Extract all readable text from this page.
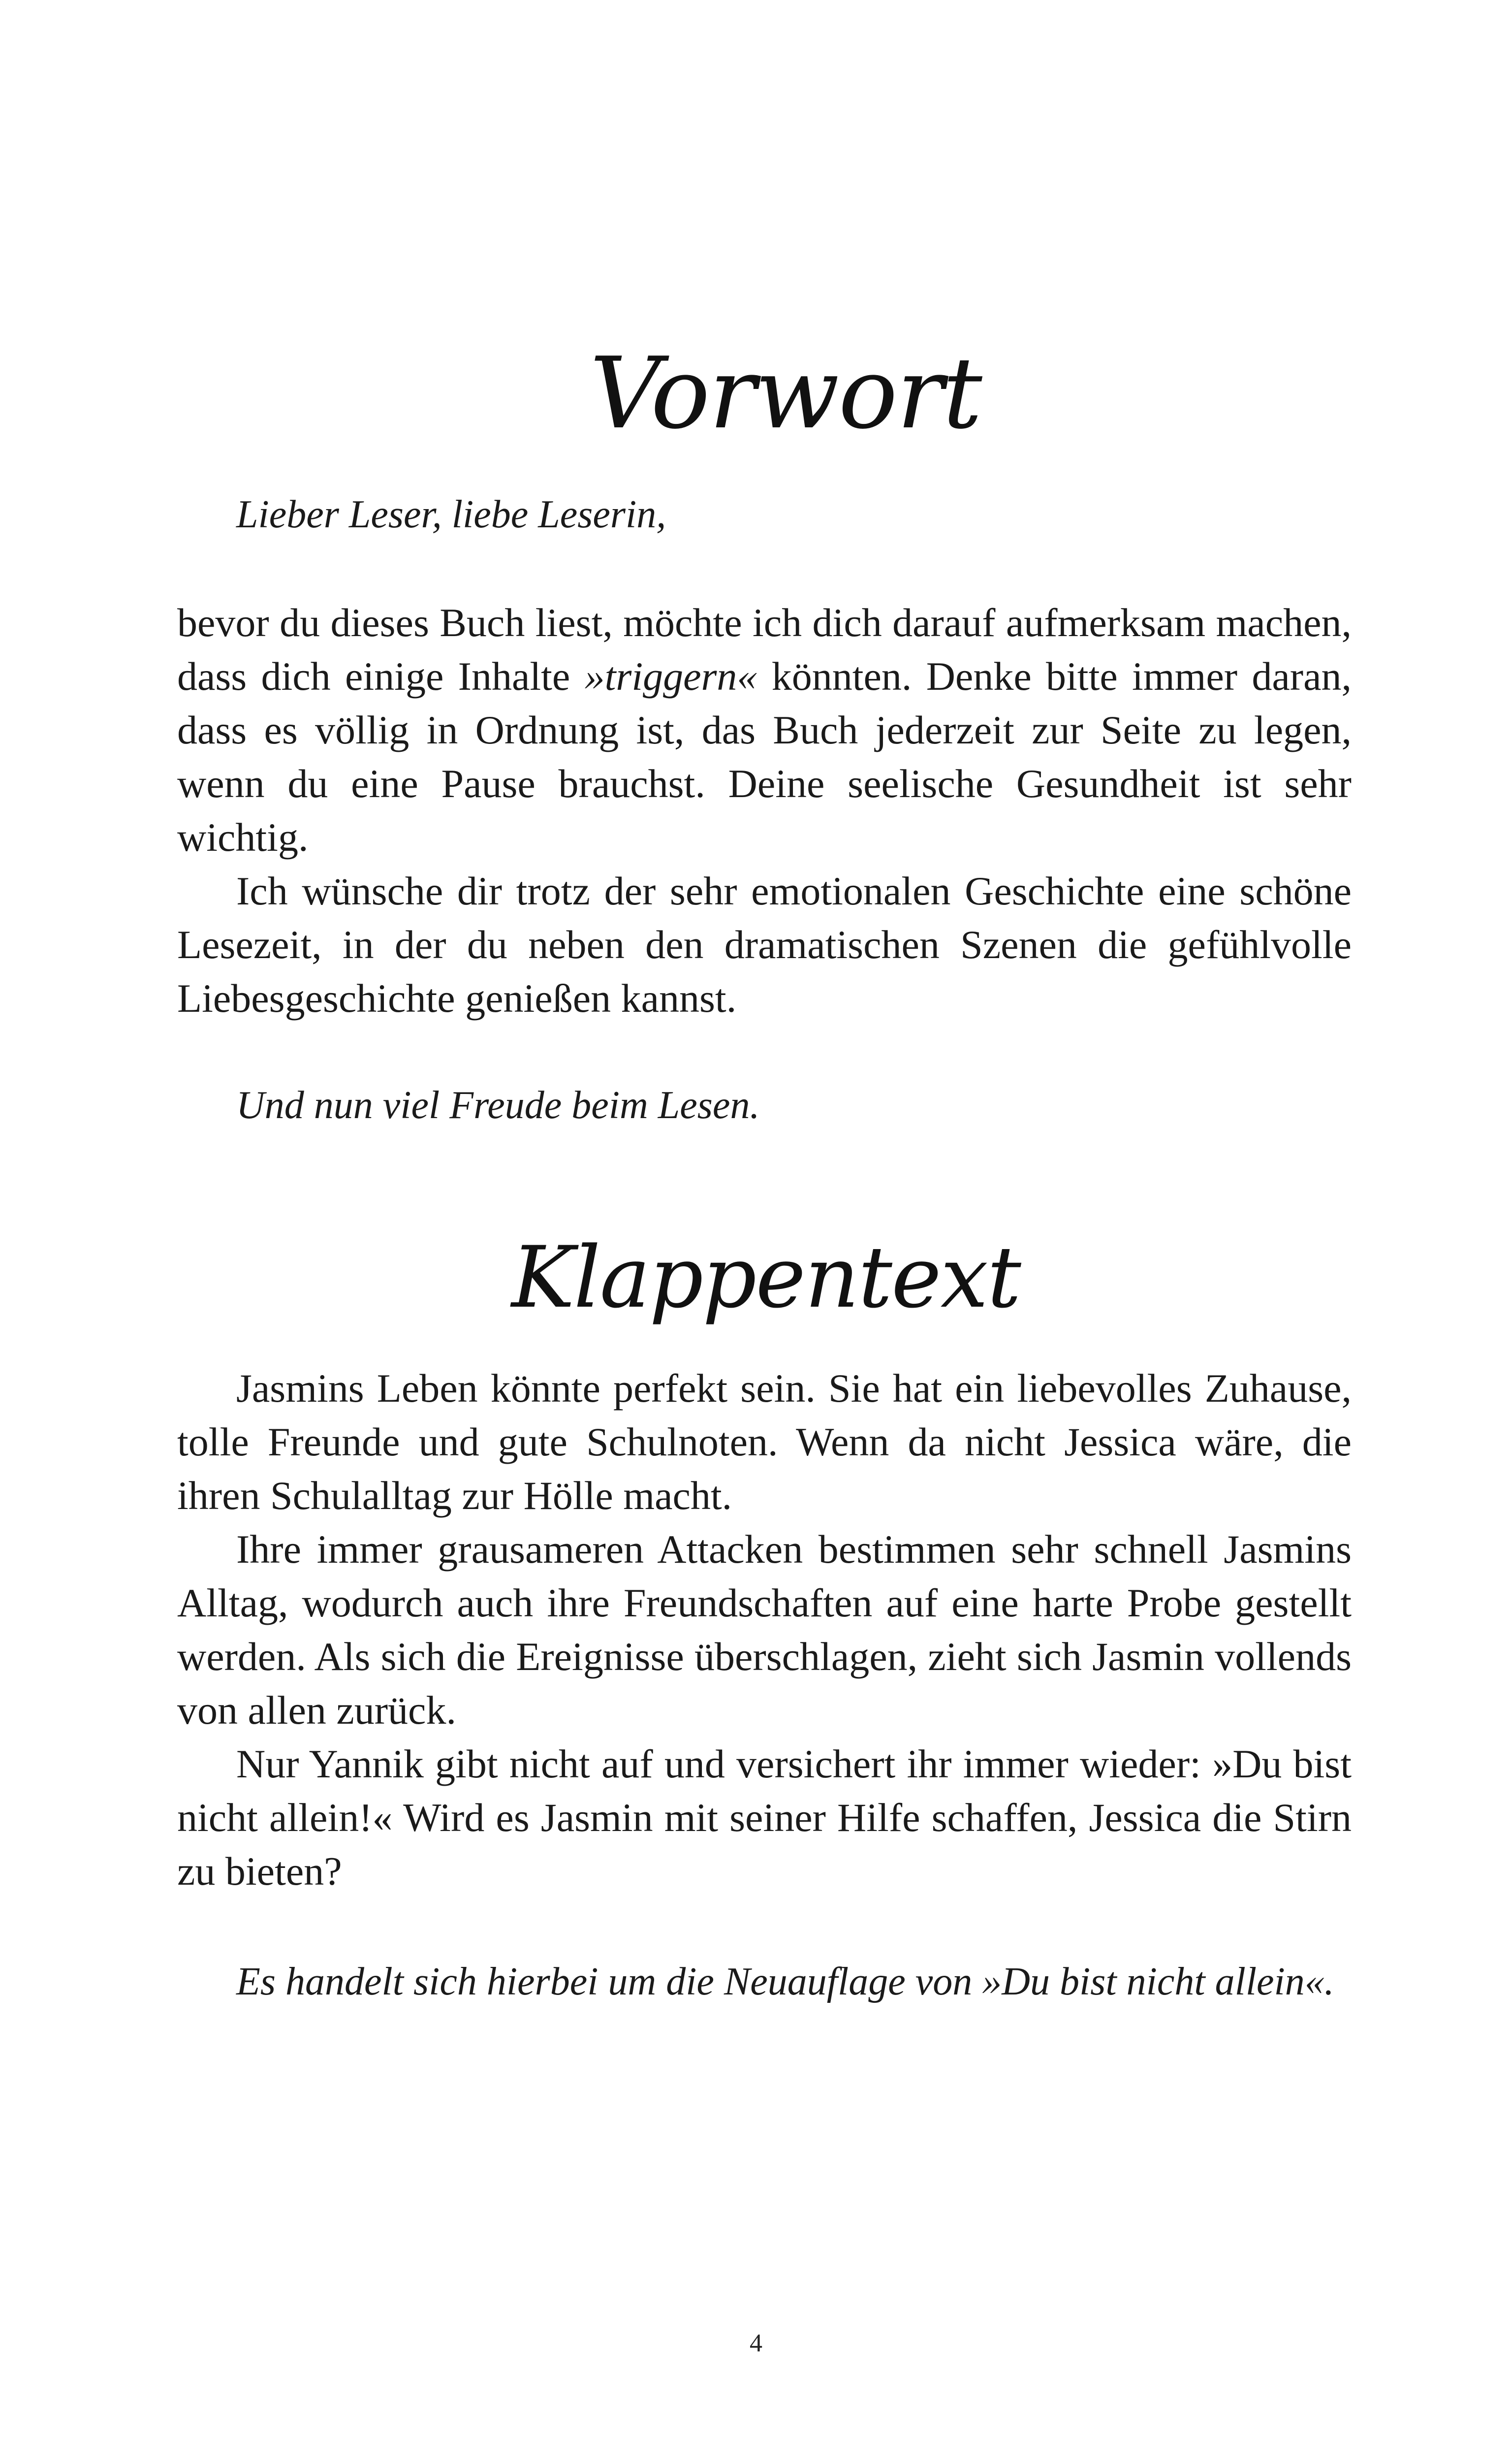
Vorwort
Lieber Leser, liebe Leserin,

bevor du dieses Buch liest, möchte ich dich darauf aufmerksam machen, dass dich einige Inhalte »triggern« könnten. Denke bitte immer daran, dass es völlig in Ordnung ist, das Buch jederzeit zur Seite zu legen, wenn du eine Pause brauchst. Deine seelische Gesundheit ist sehr wichtig.

Ich wünsche dir trotz der sehr emotionalen Geschichte eine schöne Lesezeit, in der du neben den dramatischen Szenen die gefühlvolle Liebesgeschichte genießen kannst.

Und nun viel Freude beim Lesen.
Klappentext

Jasmins Leben könnte perfekt sein. Sie hat ein liebevolles Zuhause, tolle Freunde und gute Schulnoten. Wenn da nicht Jessica wäre, die ihren Schulalltag zur Hölle macht.

Ihre immer grausameren Attacken bestimmen sehr schnell Jasmins Alltag, wodurch auch ihre Freundschaften auf eine harte Probe gestellt werden. Als sich die Ereignisse überschlagen, zieht sich Jasmin vollends von allen zurück.

Nur Yannik gibt nicht auf und versichert ihr immer wieder: »Du bist nicht allein!« Wird es Jasmin mit seiner Hilfe schaffen, Jessica die Stirn zu bieten?

Es handelt sich hierbei um die Neuauflage von »Du bist nicht allein«.
4
